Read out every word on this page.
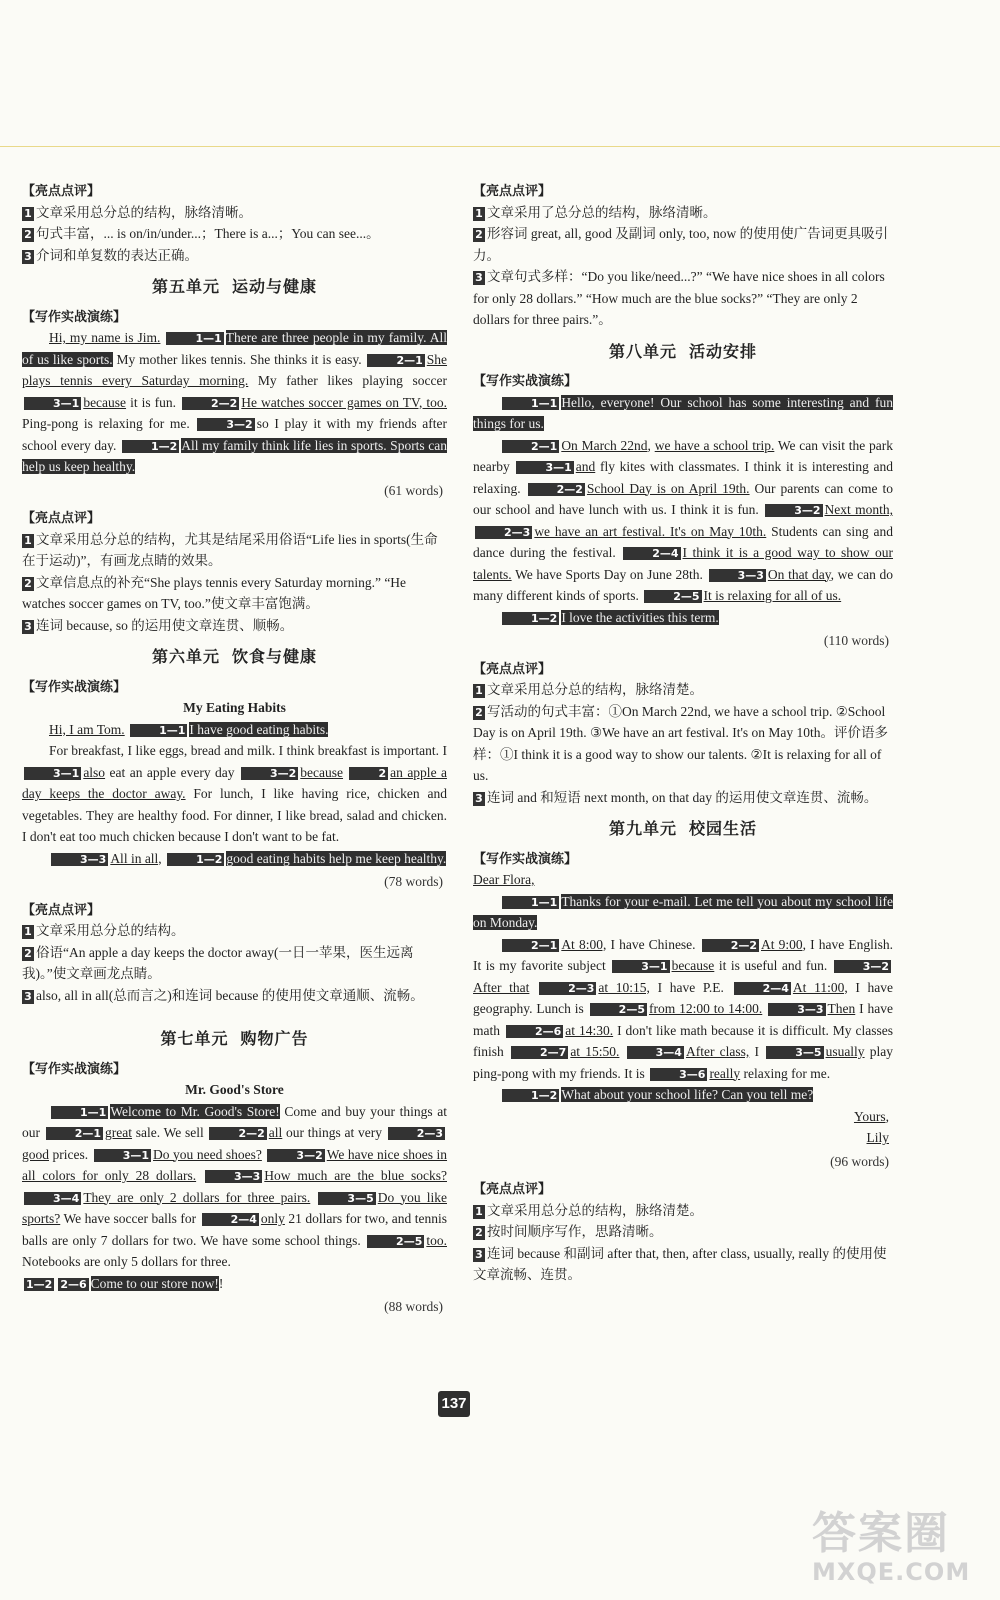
【亮点点评】

1 文章采用总分总的结构，脉络清晰。

2 句式丰富，... is on/in/under...；There is a...；You can see...。

3 介词和单复数的表达正确。

第五单元 运动与健康
【写作实战演练】

Hi, my name is Jim.	1—1 There are three people in my family. All of us like sports. My mother likes tennis. She thinks it is easy.	2—1 She plays tennis every Saturday morning. My father likes playing soccer 3—1 because it is fun.	2—2 He watches soccer games on TV, too. Ping-pong is relaxing for me.	3—2 so I play it with my friends after school every day.	1—2 All my family think life lies in sports. Sports can help us keep healthy.

(61 words)
【亮点点评】

1 文章采用总分总的结构，尤其是结尾采用俗语“Life lies in sports(生命在于运动)”，有画龙点睛的效果。

2 文章信息点的补充“She plays tennis every Saturday morning.” “He watches soccer games on TV, too.”使文章丰富饱满。

3 连词 because, so 的运用使文章连贯、顺畅。

第六单元 饮食与健康
【写作实战演练】
My Eating Habits

Hi, I am Tom.	1—1 I have good eating habits.

For breakfast, I like eggs, bread and milk. I think breakfast is important. I 3—1 also eat an apple every day	3—2 because	2 an apple a day keeps the doctor away. For lunch, I like having rice, chicken and vegetables. They are healthy food. For dinner, I like bread, salad and chicken. I don't eat too much chicken because I don't want to be fat.

3—3 All in all,	1—2 good eating habits help me keep healthy.

(78 words)
【亮点点评】

1 文章采用总分总的结构。

2 俗语“An apple a day keeps the doctor away(一日一苹果，医生远离我)。”使文章画龙点睛。

3 also, all in all(总而言之)和连词 because 的使用使文章通顺、流畅。

第七单元 购物广告
【写作实战演练】
Mr. Good's Store

1—1 Welcome to Mr. Good's Store! Come and buy your things at our	2—1 great sale. We sell	2—2 all our things at very	2—3good prices.	3—1 Do you need shoes?	3—2 We have nice shoes in all colors for only 28 dollars.	3—3 How much are the blue socks? 3—4 They are only 2 dollars for three pairs.	3—5 Do you like sports? We have soccer balls for	2—4 only 21 dollars for two, and tennis balls are only 7 dollars for two. We have some school things.	2—5 too. Notebooks are only 5 dollars for three.

1—2 2—6 Come to our store now!!

(88 words)
【亮点点评】

1 文章采用了总分总的结构，脉络清晰。

2 形容词 great, all, good 及副词 only, too, now 的使用使广告词更具吸引力。

3 文章句式多样：“Do you like/need...?” “We have nice shoes in all colors for only 28 dollars.” “How much are the blue socks?” “They are only 2 dollars for three pairs.”。

第八单元 活动安排
【写作实战演练】

1—1 Hello, everyone! Our school has some interesting and fun things for us.

2—1 On March 22nd, we have a school trip. We can visit the park nearby	3—1 and fly kites with classmates. I think it is interesting and relaxing.	2—2 School Day is on April 19th. Our parents can come to our school and have lunch with us. I think it is fun.	3—2 Next month, 2—3 we have an art festival. It's on May 10th. Students can sing and dance during the festival.	2—4 I think it is a good way to show our talents. We have Sports Day on June 28th.	3—3 On that day, we can do many different kinds of sports.	2—5 It is relaxing for all of us.

1—2 I love the activities this term.

(110 words)
【亮点点评】

1 文章采用总分总的结构，脉络清楚。

2 写活动的句式丰富：①On March 22nd, we have a school trip. ②School Day is on April 19th. ③We have an art festival. It's on May 10th。评价语多样：①I think it is a good way to show our talents. ②It is relaxing for all of us.

3 连词 and 和短语 next month, on that day 的运用使文章连贯、流畅。

第九单元 校园生活
【写作实战演练】

Dear Flora,

1—1 Thanks for your e-mail. Let me tell you about my school life on Monday.

2—1 At 8:00, I have Chinese.	2—2 At 9:00, I have English. It is my favorite subject	3—1 because it is useful and fun.	3—2After that	2—3 at 10:15, I have P.E.	2—4 At 11:00, I have geography. Lunch is	2—5 from 12:00 to 14:00.	3—3 Then I have math	2—6 at 14:30. I don't like math because it is difficult. My classes finish	2—7 at 15:50.	3—4 After class, I	3—5 usually play ping-pong with my friends. It is	3—6 really relaxing for me.

1—2 What about your school life? Can you tell me?

Yours,
Lily
(96 words)
【亮点点评】

1 文章采用总分总的结构，脉络清楚。

2 按时间顺序写作，思路清晰。

3 连词 because 和副词 after that, then, after class, usually, really 的使用使文章流畅、连贯。

137
答案圈
MXQE.COM
